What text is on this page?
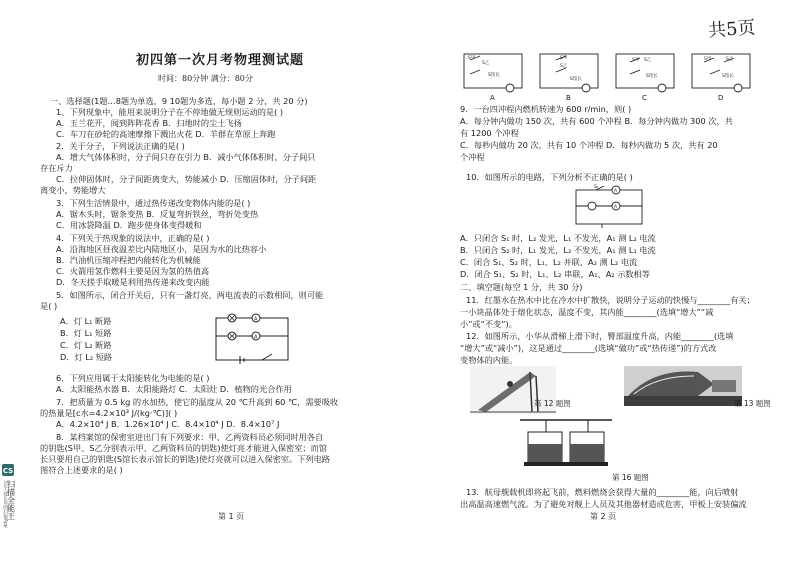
共5页
CS
扫描全能王
3亿人都在用的扫描App
初四第一次月考物理测试题
时间：80分钟 满分：80分
一、选择题(1题…8题为单选，9 10题为多选，每小题 2 分，共 20 分)
1、下列现象中，能用来说明分子在不停地做无规则运动的是( )
A．玉兰花开，闻到阵阵花香 B．扫地时的尘土飞扬
C．车刀在砂轮的高速摩擦下溅出火花 D．羊群在草原上奔跑
2．关于分子，下列说法正确的是( )
A．增大气体体积时，分子间只存在引力 B．减小气体体积时，分子间只
存在斥力
C．拉伸固体时，分子间距离变大，势能减小 D．压缩固体时，分子间距
离变小，势能增大
3．下列生活情景中，通过热传递改变物体内能的是( )
A．锯木头时，锯条变热 B．反复弯折铁丝，弯折处变热
C．用冰袋降温 D．跑步使身体变得暖和
4．下列关于热现象的说法中，正确的是( )
A．沿海地区昼夜温差比内陆地区小，是因为水的比热容小
B．汽油机压缩冲程把内能转化为机械能
C．火箭用氢作燃料主要是因为氢的热值高
D．冬天搓手取暖是利用热传递来改变内能
5．如图所示，闭合开关后，只有一盏灯亮，两电流表的示数相同，则可能
是( )
A．灯 L₁ 断路
B．灯 L₁ 短路
C．灯 L₂ 断路
D．灯 L₂ 短路
A
A
6．下列应用属于太阳能转化为电能的是( )
A．太阳能热水器 B．太阳能路灯 C．太阳灶 D．植物的光合作用
7．把质量为 0.5 kg 的水加热，使它的温度从 20 ℃升高到 60 ℃，需要吸收
的热量是[c水=4.2×10³ J/(kg·℃)]( )
A．4.2×10⁴ J B．1.26×10⁴ J C．8.4×10⁴ J D．8.4×10⁷ J
8．某档案馆的保密室进出门有下列要求：甲、乙两资料员必须同时用各自
的钥匙(S甲、S乙分别表示甲、乙两资料员的钥匙)使灯亮才能进入保密室；而馆
长只要用自己的钥匙(S馆长表示馆长的钥匙)使灯亮就可以进入保密室。下列电路
图符合上述要求的是( )
第 1 页
S甲
S乙
S馆长
S甲
S乙
S馆长
S甲 S乙
S馆长
S甲	S乙
S馆长
A	B	C	D
9．一台四冲程内燃机转速为 600 r/min，则( )
A．每分钟内做功 150 次，共有 600 个冲程 B．每分钟内做功 300 次，共
有 1200 个冲程
C．每秒内做功 20 次，共有 10 个冲程 D．每秒内做功 5 次，共有 20
个冲程
10．如图所示的电路，下列分析不正确的是( )
A
A
S₁
A．只闭合 S₁ 时，L₂ 发光，L₁ 不发光，A₁ 测 L₂ 电流
B．只闭合 S₂ 时，L₁ 发光，L₂ 不发光，A₁ 测 L₁ 电流
C．闭合 S₁、S₂ 时，L₁、L₂ 并联，A₂ 测 L₂ 电流
D．闭合 S₁、S₂ 时，L₁、L₂ 串联，A₁、A₂ 示数相等
二、填空题(每空 1 分，共 30 分)
11．红墨水在热水中比在冷水中扩散快，说明分子运动的快慢与________有关；
一小块晶体处于熔化状态，温度不变，其内能________(选填“增大”“减
小”或“不变”)。
12．如图所示，小华从滑梯上滑下时，臀部温度升高，内能________(选填
“增大”或“减小”)，这是通过________(选填“做功”或“热传递”)的方式改
变物体的内能。
第 12 题图	第 13 题图
第 16 题图
13．航母舰载机即将起飞前，燃料燃烧会获得大量的________能，向后喷射
出高温高速燃气流。为了避免对舰上人员及其他器材造成危害，甲板上安装偏流
第 2 页
